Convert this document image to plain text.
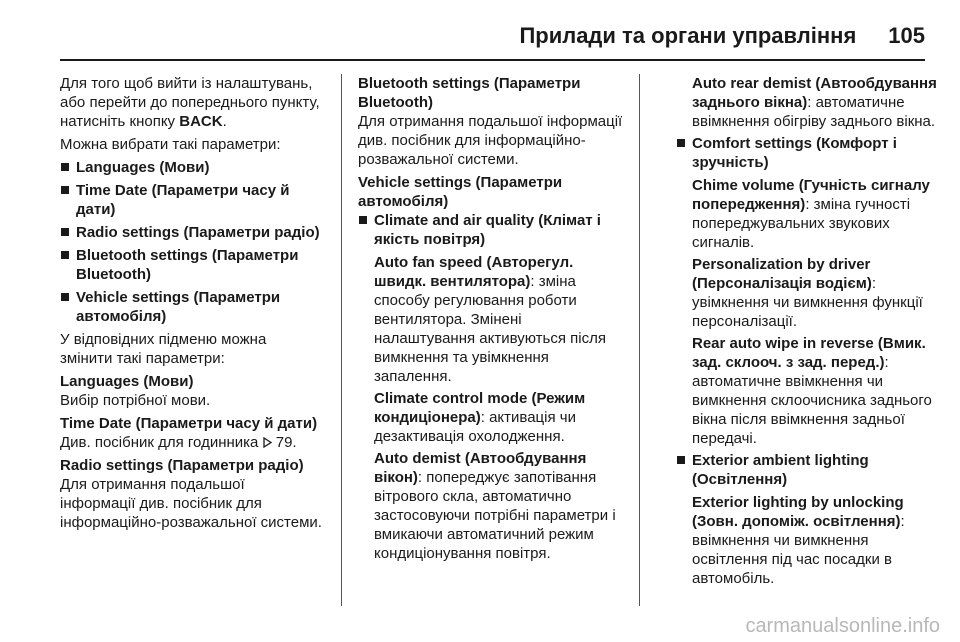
Прилади та органи управління 105

Для того щоб вийти із налаштувань, або перейти до попереднього пункту, натисніть кнопку BACK.

Можна вибрати такі параметри:

Languages (Мови)
Time Date (Параметри часу й дати)
Radio settings (Параметри радіо)
Bluetooth settings (Параметри Bluetooth)
Vehicle settings (Параметри автомобіля)

У відповідних підменю можна змінити такі параметри:

Languages (Мови)

Вибір потрібної мови.

Time Date (Параметри часу й дати)

Див. посібник для годинника 79.

Radio settings (Параметри радіо)

Для отримання подальшої інформації див. посібник для інформаційно-розважальної системи.

Bluetooth settings (Параметри Bluetooth)

Для отримання подальшої інформації див. посібник для інформаційно-розважальної системи.

Vehicle settings (Параметри автомобіля)

Climate and air quality (Клімат і якість повітря)

Auto fan speed (Авторегул. швидк. вентилятора): зміна способу регулювання роботи вентилятора. Змінені налаштування активуються після вимкнення та увімкнення запалення.

Climate control mode (Режим кондиціонера): активація чи дезактивація охолодження.

Auto demist (Автообдування вікон): попереджує запотівання вітрового скла, автоматично застосовуючи потрібні параметри і вмикаючи автоматичний режим кондиціонування повітря.

Auto rear demist (Автообдування заднього вікна): автоматичне ввімкнення обігріву заднього вікна.

Comfort settings (Комфорт і зручність)

Chime volume (Гучність сигналу попередження): зміна гучності попереджувальних звукових сигналів.

Personalization by driver (Персоналізація водієм):
увімкнення чи вимкнення функції персоналізації.

Rear auto wipe in reverse (Вмик. зад. склооч. з зад. перед.):
автоматичне ввімкнення чи вимкнення склоочисника заднього вікна після ввімкнення задньої передачі.

Exterior ambient lighting (Освітлення)

Exterior lighting by unlocking (Зовн. допоміж. освітлення):
ввімкнення чи вимкнення освітлення під час посадки в автомобіль.

carmanualsonline.info
